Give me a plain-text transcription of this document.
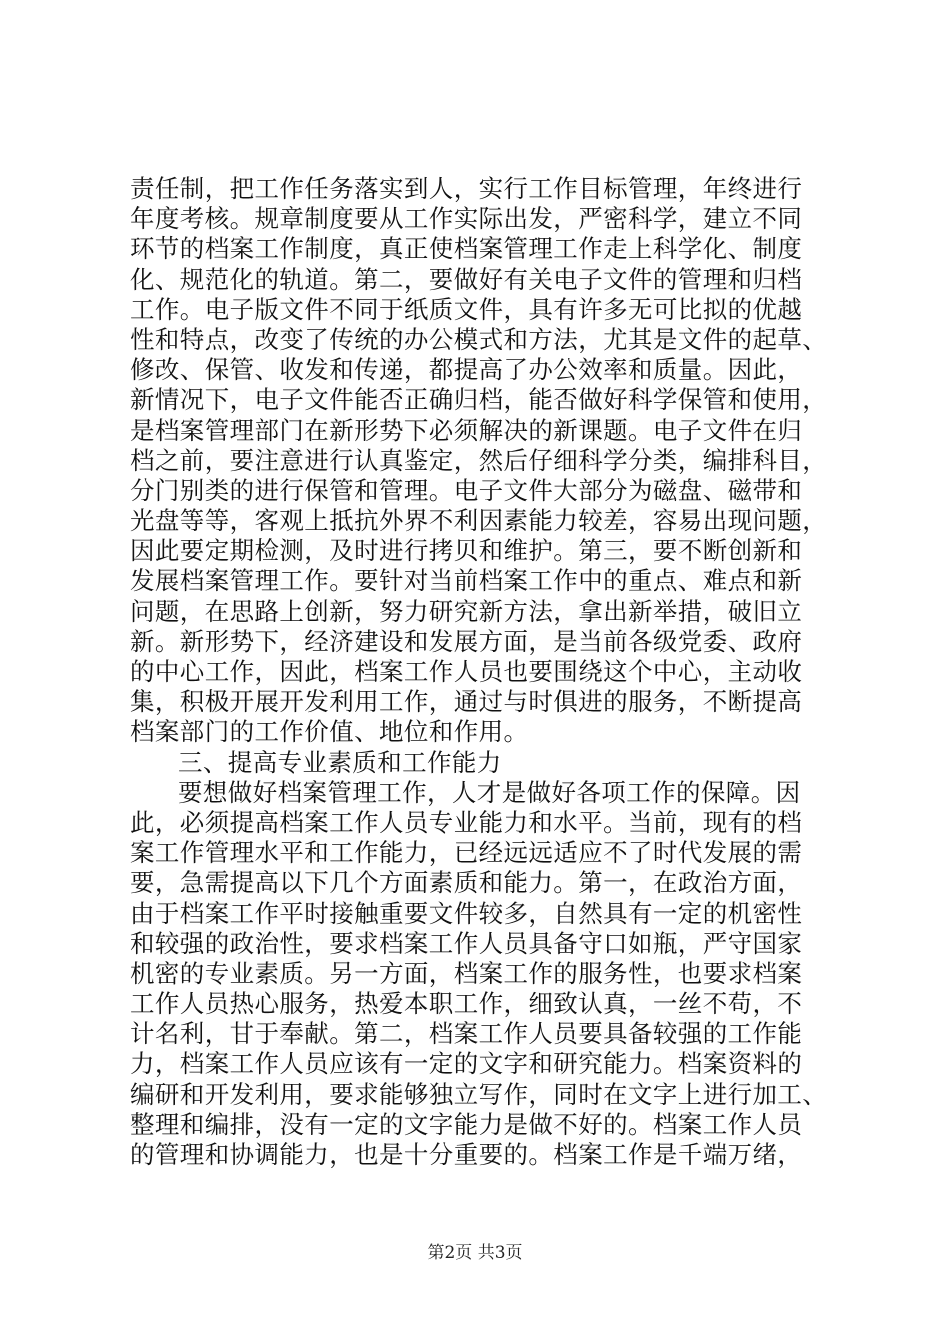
责任制，把工作任务落实到人，实行工作目标管理，年终进行
年度考核。规章制度要从工作实际出发，严密科学，建立不同
环节的档案工作制度，真正使档案管理工作走上科学化、制度
化、规范化的轨道。第二，要做好有关电子文件的管理和归档
工作。电子版文件不同于纸质文件，具有许多无可比拟的优越
性和特点，改变了传统的办公模式和方法，尤其是文件的起草、
修改、保管、收发和传递，都提高了办公效率和质量。因此，
新情况下，电子文件能否正确归档，能否做好科学保管和使用，
是档案管理部门在新形势下必须解决的新课题。电子文件在归
档之前，要注意进行认真鉴定，然后仔细科学分类，编排科目，
分门别类的进行保管和管理。电子文件大部分为磁盘、磁带和
光盘等等，客观上抵抗外界不利因素能力较差，容易出现问题，
因此要定期检测，及时进行拷贝和维护。第三，要不断创新和
发展档案管理工作。要针对当前档案工作中的重点、难点和新
问题，在思路上创新，努力研究新方法，拿出新举措，破旧立
新。新形势下，经济建设和发展方面，是当前各级党委、政府
的中心工作，因此，档案工作人员也要围绕这个中心，主动收
集，积极开展开发利用工作，通过与时俱进的服务，不断提高
档案部门的工作价值、地位和作用。
三、提高专业素质和工作能力
要想做好档案管理工作，人才是做好各项工作的保障。因
此，必须提高档案工作人员专业能力和水平。当前，现有的档
案工作管理水平和工作能力，已经远远适应不了时代发展的需
要，急需提高以下几个方面素质和能力。第一，在政治方面，
由于档案工作平时接触重要文件较多，自然具有一定的机密性
和较强的政治性，要求档案工作人员具备守口如瓶，严守国家
机密的专业素质。另一方面，档案工作的服务性，也要求档案
工作人员热心服务，热爱本职工作，细致认真，一丝不苟，不
计名利，甘于奉献。第二，档案工作人员要具备较强的工作能
力，档案工作人员应该有一定的文字和研究能力。档案资料的
编研和开发利用，要求能够独立写作，同时在文字上进行加工、
整理和编排，没有一定的文字能力是做不好的。档案工作人员
的管理和协调能力，也是十分重要的。档案工作是千端万绪，
第2页 共3页
